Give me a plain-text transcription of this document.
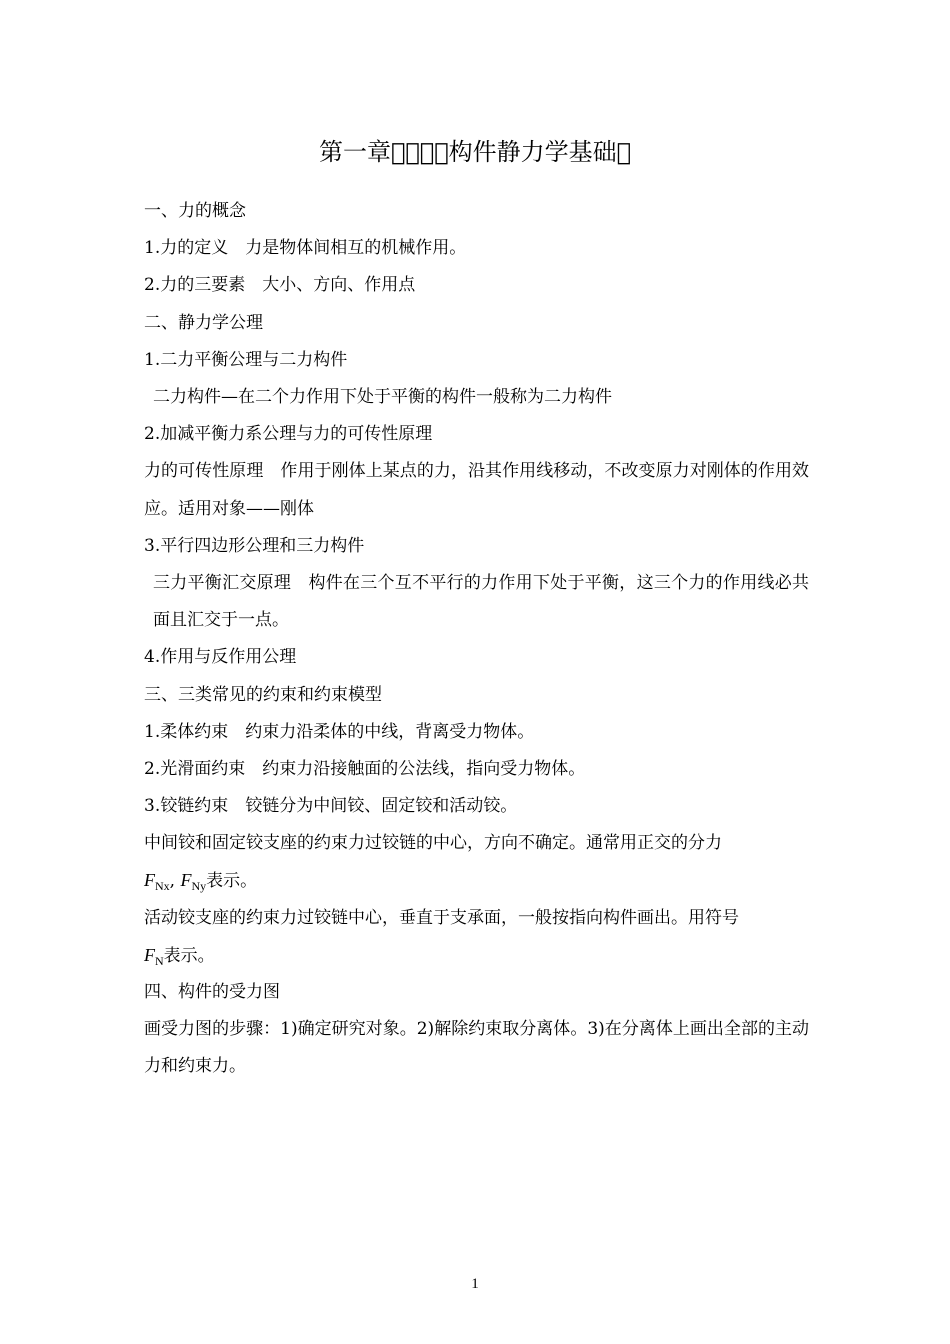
第一章􀀀􀀀􀀀􀀀构件静力学基础􀀀
一、力的概念
1.力的定义 力是物体间相互的机械作用。
2.力的三要素 大小、方向、作用点
二、静力学公理
1.二力平衡公理与二力构件
二力构件—在二个力作用下处于平衡的构件一般称为二力构件
2.加减平衡力系公理与力的可传性原理
力的可传性原理 作用于刚体上某点的力，沿其作用线移动，不改变原力对刚体的作用效应。适用对象——刚体
3.平行四边形公理和三力构件
三力平衡汇交原理 构件在三个互不平行的力作用下处于平衡，这三个力的作用线必共面且汇交于一点。
4.作用与反作用公理
三、三类常见的约束和约束模型
1.柔体约束 约束力沿柔体的中线，背离受力物体。
2.光滑面约束 约束力沿接触面的公法线，指向受力物体。
3.铰链约束 铰链分为中间铰、固定铰和活动铰。
中间铰和固定铰支座的约束力过铰链的中心，方向不确定。通常用正交的分力
$F_{Nx}$, $F_{Ny}$表示。
活动铰支座的约束力过铰链中心，垂直于支承面，一般按指向构件画出。用符号
$F_N$表示。
四、构件的受力图
画受力图的步骤：1)确定研究对象。2)解除约束取分离体。3)在分离体上画出全部的主动力和约束力。
1
